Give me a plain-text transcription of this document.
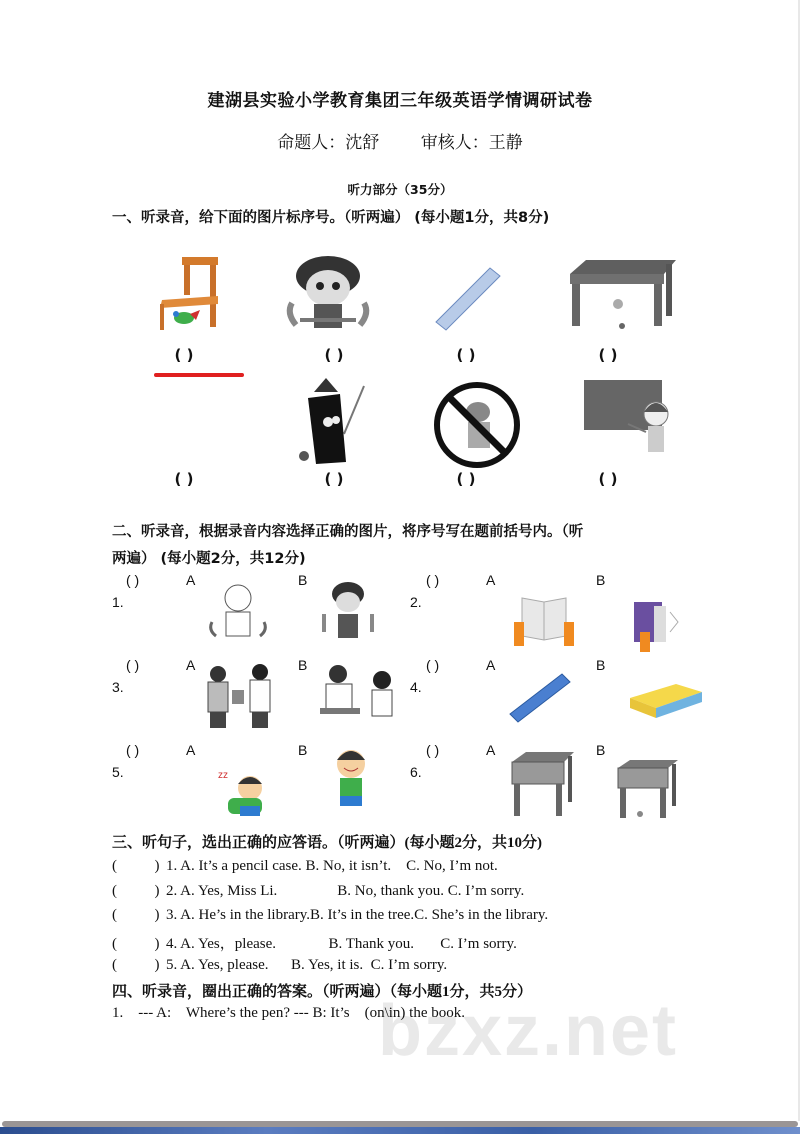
建湖县实验小学教育集团三年级英语学情调研试卷
命题人：沈舒 审核人：王静
听力部分（35分）
一、听录音，给下面的图片标序号。（听两遍） (每小题1分，共8分)
( )	( )	( )	( )
( )	( )	( )	( )
二、听录音，根据录音内容选择正确的图片，将序号写在题前括号内。（听
两遍） (每小题2分，共12分)
( )	A	B
1.
( )	A	B
2.
( )	A	B
3.
( )	A	B
4.
( )	A	B
5.
( )	A	B
6.
zz
三、听句子，选出正确的应答语。（听两遍）(每小题2分，共10分)
(          ) 1. A. It’s a pencil case. B. No, it isn’t.    C. No, I’m not.
(          ) 2. A. Yes, Miss Li.                B. No, thank you. C. I’m sorry.
(          ) 3. A. He’s in the library.B. It’s in the tree.C. She’s in the library.
(          ) 4. A. Yes，please.              B. Thank you.       C. I’m sorry.
(          ) 5. A. Yes, please.      B. Yes, it is.  C. I’m sorry.
bzxz.net
四、听录音，圈出正确的答案。（听两遍）（每小题1分，共5分）
1.    --- A:    Where’s the pen? --- B: It’s    (on\in) the book.
